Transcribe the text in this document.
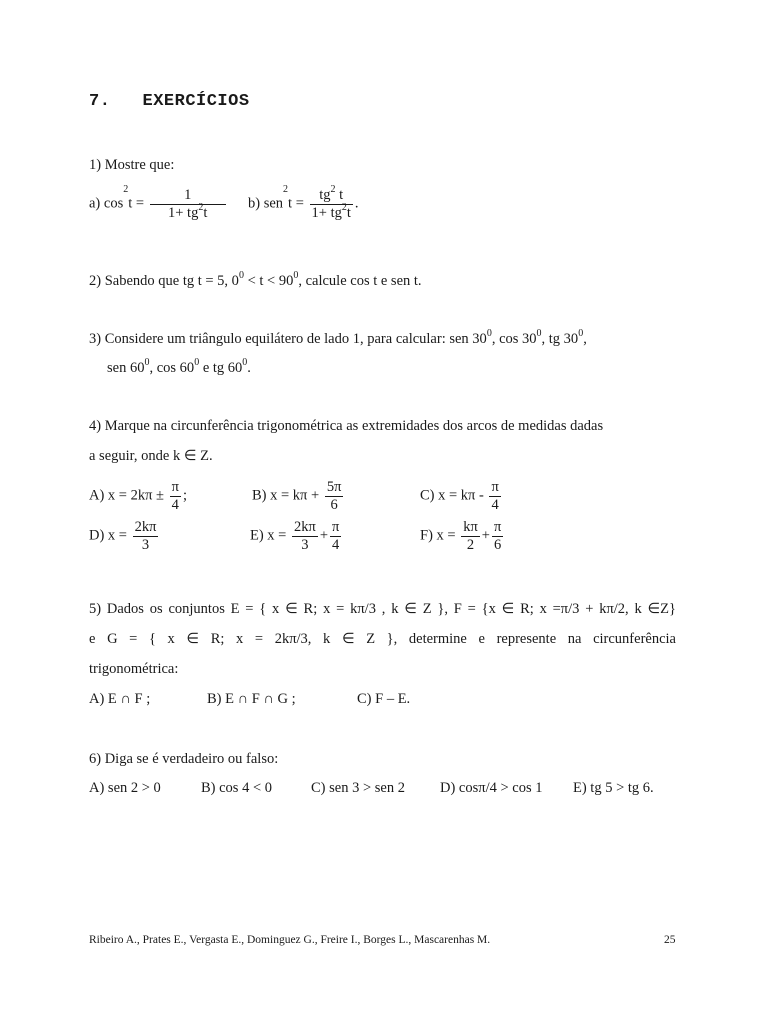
7. EXERCÍCIOS
1) Mostre que:
a) $\cos^2t = \frac{1}{1+ tg^2t} b$) $sen^2t = \frac{tg^2 t}{1+ tg^2t}$ .
2) Sabendo que tg t = 5, $0^0 < t < 90^0$, calcule cos t e sen t.
3) Considere um triângulo equilátero de lado 1, para calcular: sen $30^0$, $\cos 30^0$, tg $30^0$,
sen $60^0$, $\cos 60^0$ e tg $60^0$.
4) Marque na circunferência trigonométrica as extremidades dos arcos de medidas dadas
a seguir, onde k ∈ Z.
A) $x = 2k\pi \pm \frac{\pi}{4}$ ;	B) $x = k\pi + \frac{5\pi}{6}$	C) $x = k\pi - \frac{\pi}{4}$
D) $x = \frac{2k\pi}{3}$	E) $x = \frac{2k\pi}{3} + \frac{\pi}{4}$	F) $x = \frac{k\pi}{2} + \frac{\pi}{6}$
5) Dados os conjuntos E = { x ∈ R; x = kπ/3 , k ∈ Z }, F = {x ∈ R; x =π/3 + kπ/2, k ∈Z}
e G = { x ∈ R; x = 2kπ/3, k ∈ Z }, determine e represente na circunferência
trigonométrica:
A) E ∩ F ;	B) E ∩ F ∩ G ;	C) F – E.
6) Diga se é verdadeiro ou falso:
A) sen 2 > 0	B) cos 4 < 0	C) sen 3 > sen 2 D) cosπ/4 > cos 1 E) tg 5 > tg 6.
Ribeiro A., Prates E., Vergasta E., Dominguez G., Freire I., Borges L., Mascarenhas M.	25
